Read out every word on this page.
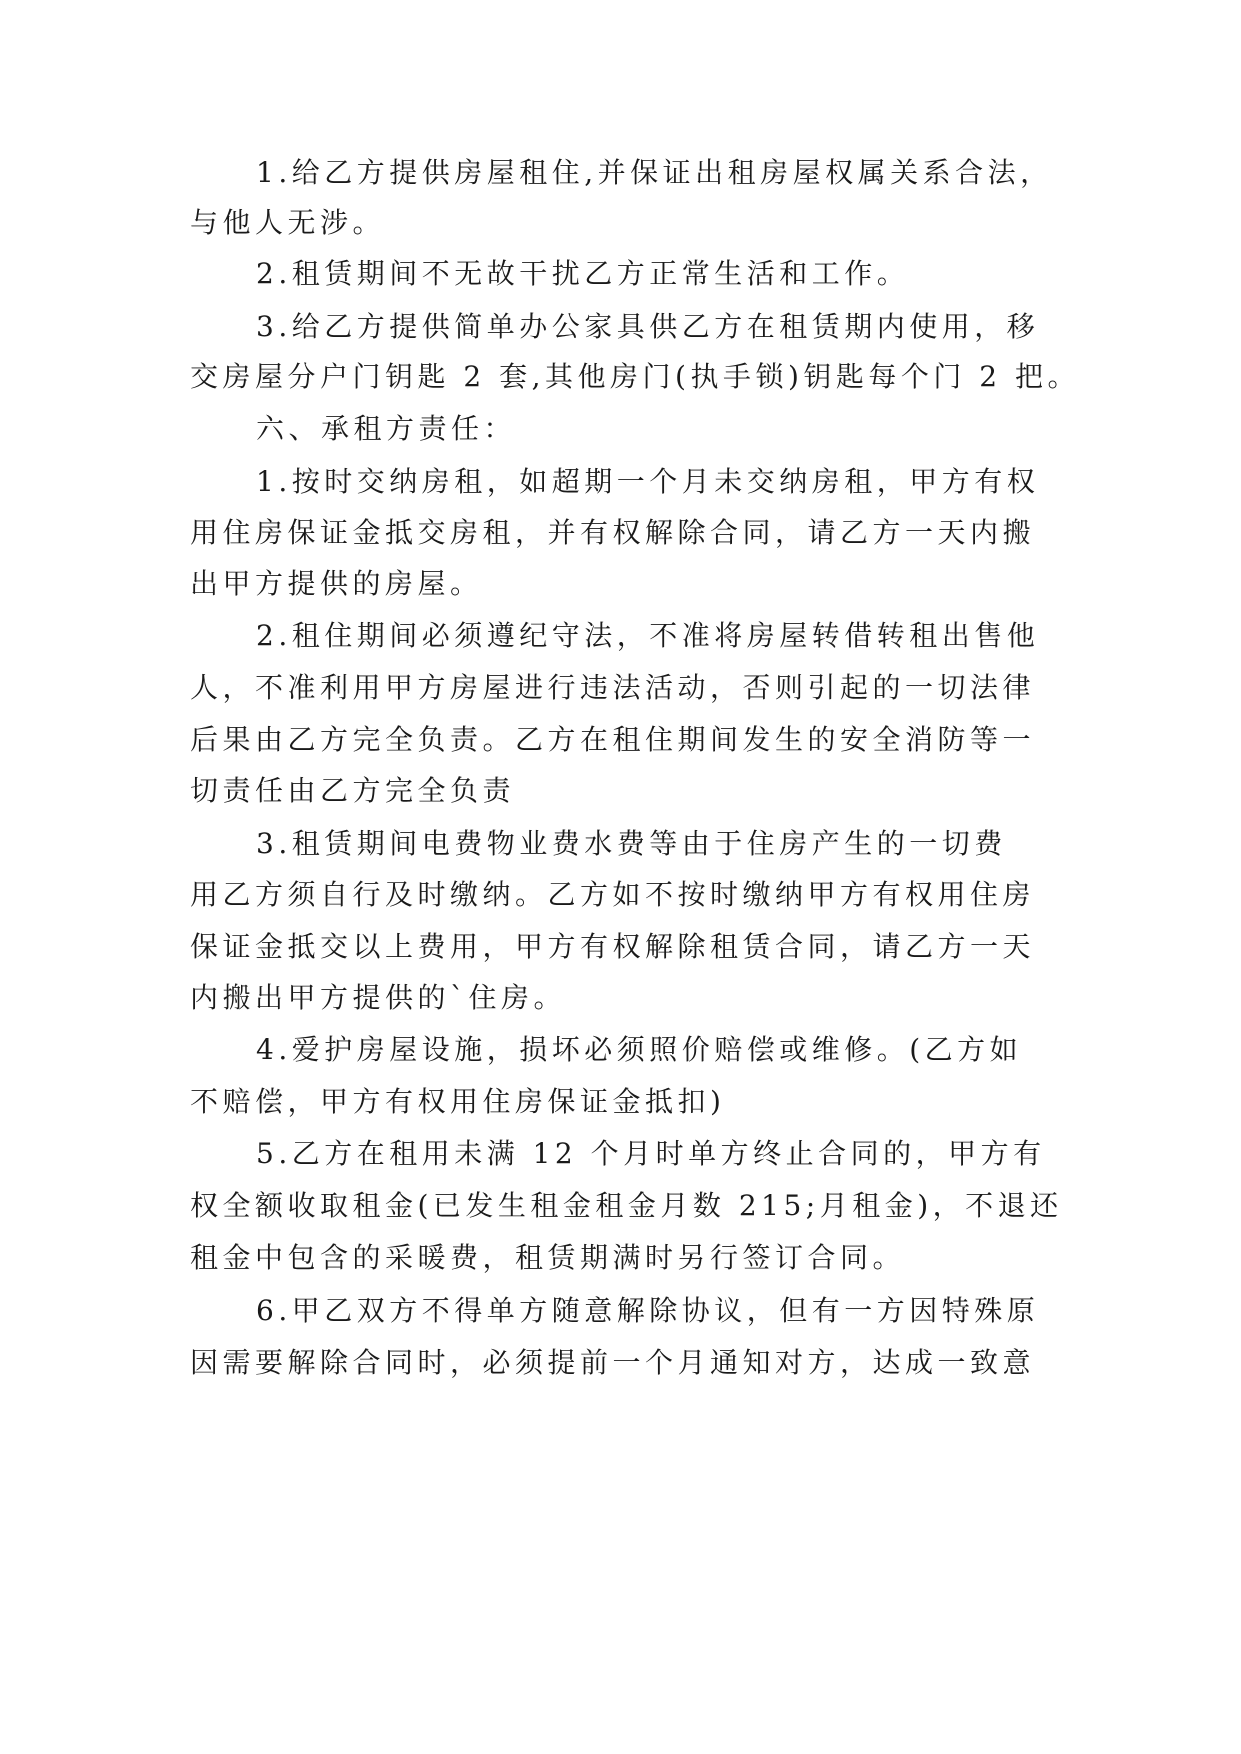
1.给乙方提供房屋租住,并保证出租房屋权属关系合法，
与他人无涉。
2.租赁期间不无故干扰乙方正常生活和工作。
3.给乙方提供简单办公家具供乙方在租赁期内使用，移
交房屋分户门钥匙 2 套,其他房门(执手锁)钥匙每个门 2 把。
六、承租方责任：
1.按时交纳房租，如超期一个月未交纳房租，甲方有权
用住房保证金抵交房租，并有权解除合同，请乙方一天内搬
出甲方提供的房屋。
2.租住期间必须遵纪守法，不准将房屋转借转租出售他
人，不准利用甲方房屋进行违法活动，否则引起的一切法律
后果由乙方完全负责。乙方在租住期间发生的安全消防等一
切责任由乙方完全负责
3.租赁期间电费物业费水费等由于住房产生的一切费
用乙方须自行及时缴纳。乙方如不按时缴纳甲方有权用住房
保证金抵交以上费用，甲方有权解除租赁合同，请乙方一天
内搬出甲方提供的`住房。
4.爱护房屋设施，损坏必须照价赔偿或维修。(乙方如
不赔偿，甲方有权用住房保证金抵扣)
5.乙方在租用未满 12 个月时单方终止合同的，甲方有
权全额收取租金(已发生租金租金月数 215;月租金)，不退还
租金中包含的采暖费，租赁期满时另行签订合同。
6.甲乙双方不得单方随意解除协议，但有一方因特殊原
因需要解除合同时，必须提前一个月通知对方，达成一致意
